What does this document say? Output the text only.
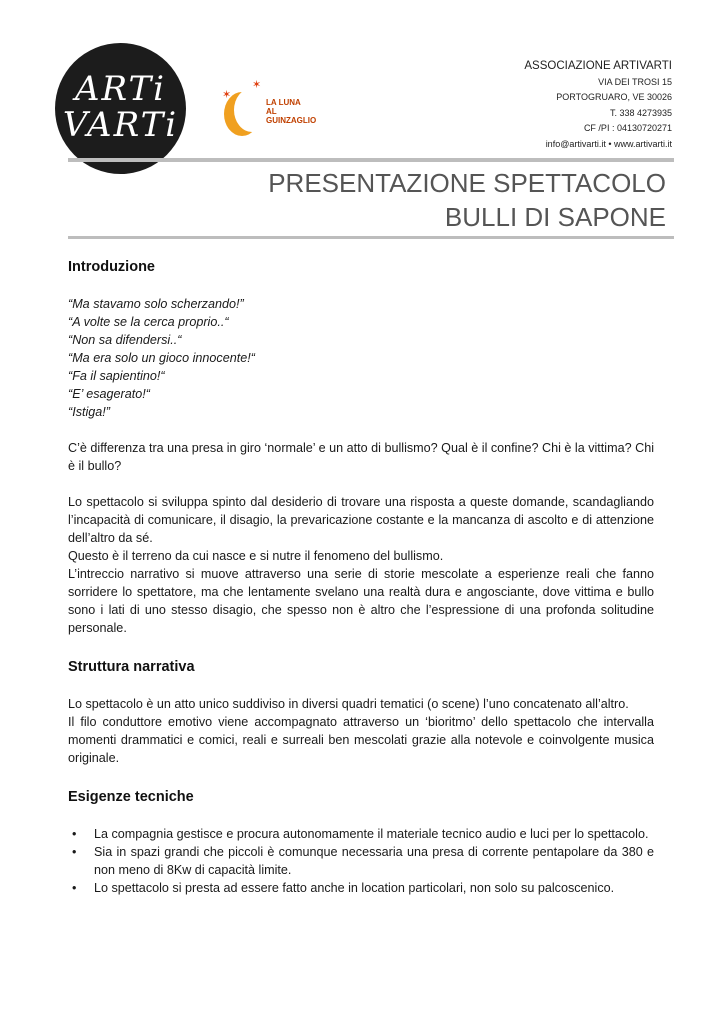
ARTi
VARTi
✶
✶
✶
LA LUNA
AL
GUINZAGLIO
ASSOCIAZIONE ARTIVARTI
VIA DEI TROSI 15
PORTOGRUARO, VE 30026
T. 338 4273935
CF /PI : 04130720271
info@artivarti.it • www.artivarti.it
PRESENTAZIONE SPETTACOLO
BULLI DI SAPONE
Introduzione
“Ma stavamo solo scherzando!”
“A volte se la cerca proprio..“
“Non sa difendersi..“
“Ma era solo un gioco innocente!“
“Fa il sapientino!“
“E’ esagerato!“
“Istiga!”
C’è differenza tra una presa in giro ‘normale’ e un atto di bullismo? Qual è il confine? Chi è la vittima? Chi è il bullo?
Lo spettacolo si sviluppa spinto dal desiderio di trovare una risposta a queste domande, scandagliando l’incapacità di comunicare, il disagio, la prevaricazione costante e la mancanza di ascolto e di attenzione dell’altro da sé.
Questo è il terreno da cui nasce e si nutre il fenomeno del bullismo.
L’intreccio narrativo si muove attraverso una serie di storie mescolate a esperienze reali che fanno sorridere lo spettatore, ma che lentamente svelano una realtà dura e angosciante, dove vittima e bullo sono i lati di uno stesso disagio, che spesso non è altro che l’espressione di una profonda solitudine personale.
Struttura narrativa
Lo spettacolo è un atto unico suddiviso in diversi quadri tematici (o scene) l’uno concatenato all’altro.
Il filo conduttore emotivo viene accompagnato attraverso un ‘bioritmo’ dello spettacolo che intervalla momenti drammatici e comici, reali e surreali ben mescolati grazie alla notevole e coinvolgente musica originale.
Esigenze tecniche
• La compagnia gestisce e procura autonomamente il materiale tecnico audio e luci per lo spettacolo.
• Sia in spazi grandi che piccoli è comunque necessaria una presa di corrente pentapolare da 380 e non meno di 8Kw di capacità limite.
• Lo spettacolo si presta ad essere fatto anche in location particolari, non solo su palcoscenico.
